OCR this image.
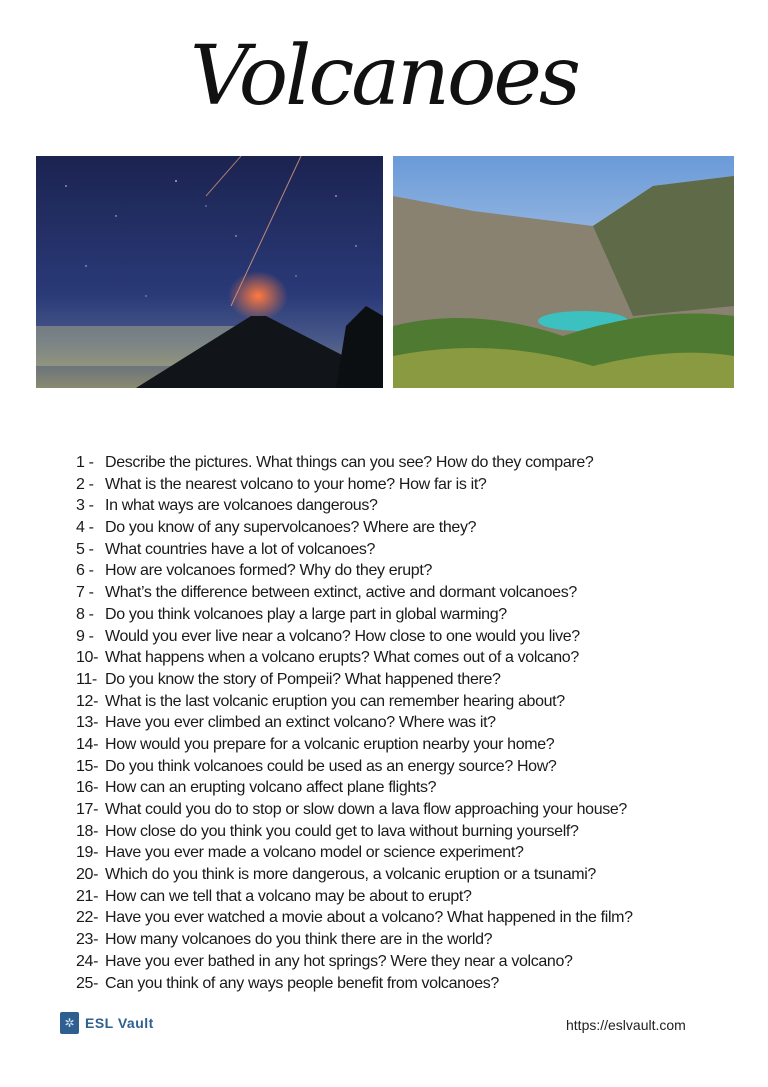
Volcanoes
1 - Describe the pictures. What things can you see? How do they compare?
2 - What is the nearest volcano to your home? How far is it?
3 - In what ways are volcanoes dangerous?
4 - Do you know of any supervolcanoes? Where are they?
5 - What countries have a lot of volcanoes?
6 - How are volcanoes formed? Why do they erupt?
7 - What’s the difference between extinct, active and dormant volcanoes?
8 - Do you think volcanoes play a large part in global warming?
9 - Would you ever live near a volcano? How close to one would you live?
10- What happens when a volcano erupts? What comes out of a volcano?
11- Do you know the story of Pompeii? What happened there?
12- What is the last volcanic eruption you can remember hearing about?
13- Have you ever climbed an extinct volcano? Where was it?
14- How would you prepare for a volcanic eruption nearby your home?
15- Do you think volcanoes could be used as an energy source? How?
16- How can an erupting volcano affect plane flights?
17- What could you do to stop or slow down a lava flow approaching your house?
18- How close do you think you could get to lava without burning yourself?
19- Have you ever made a volcano model or science experiment?
20- Which do you think is more dangerous, a volcanic eruption or a tsunami?
21- How can we tell that a volcano may be about to erupt?
22- Have you ever watched a movie about a volcano? What happened in the film?
23- How many volcanoes do you think there are in the world?
24- Have you ever bathed in any hot springs? Were they near a volcano?
25- Can you think of any ways people benefit from volcanoes?
✲ ESL Vault	https://eslvault.com
